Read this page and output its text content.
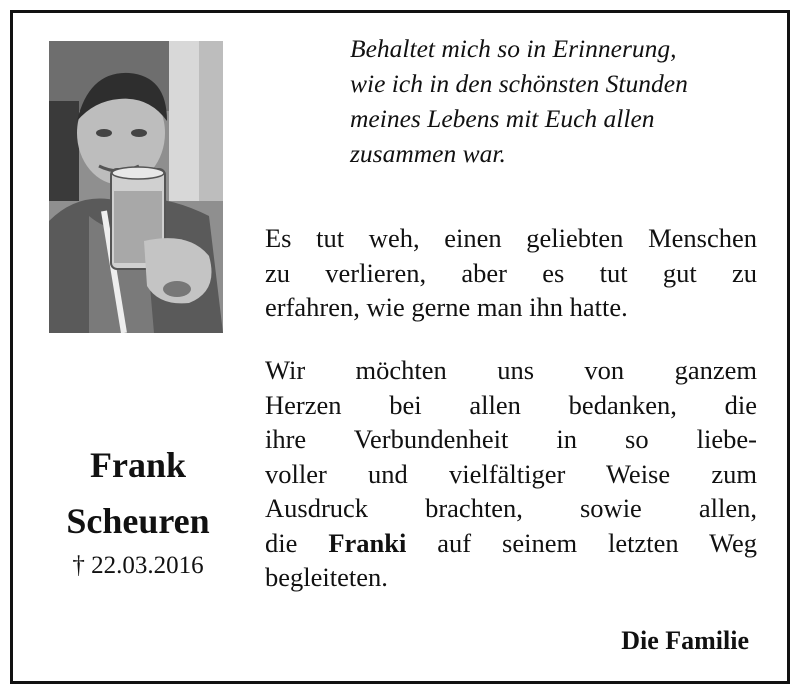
Frank
Scheuren
† 22.03.2016
Behaltet mich so in Erinnerung,
wie ich in den schönsten Stunden
meines Lebens mit Euch allen
zusammen war.
Es tut weh, einen geliebten Menschen
zu verlieren, aber es tut gut zu
erfahren, wie gerne man ihn hatte.
Wir möchten uns von ganzem
Herzen bei allen bedanken, die
ihre Verbundenheit in so liebe-
voller und vielfältiger Weise zum
Ausdruck brachten, sowie allen,
die Franki auf seinem letzten Weg
begleiteten.
Die Familie
